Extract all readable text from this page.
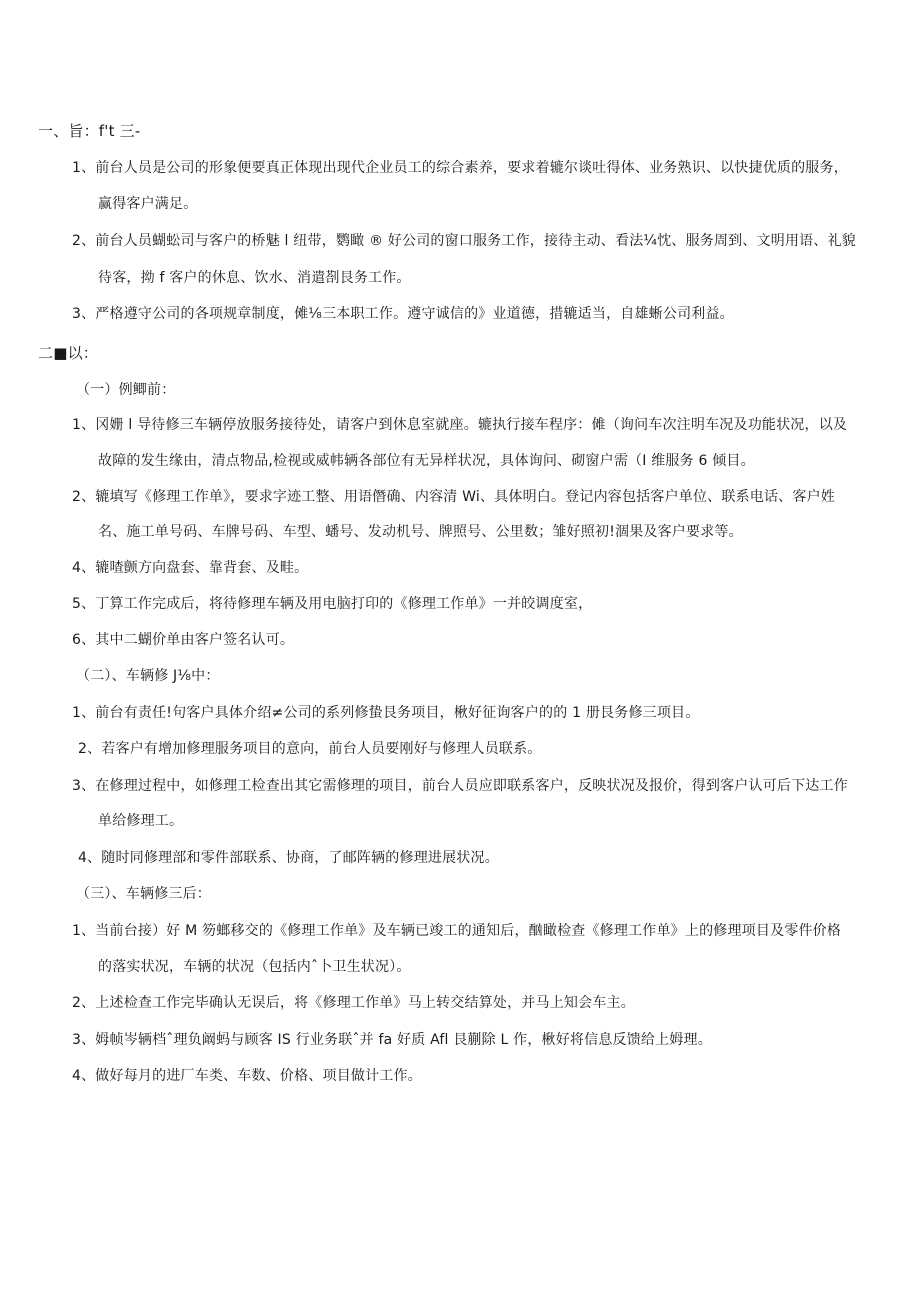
一、旨：f't 三-
1、前台人员是公司的形象便要真正体现出现代企业员工的综合素养，要求着辘尔谈吐得体、业务熟识、以快捷优质的服务，
赢得客户满足。
2、前台人员蝴蚣司与客户的桥魅 l 纽带，鹦瞰 ® 好公司的窗口服务工作，接待主动、看法¼忱、服务周到、文明用语、礼貌
待客，拗 f 客户的休息、饮水、消遣剳艮务工作。
3、严格遵守公司的各项规章制度，傩⅛三本职工作。遵守诚信的》业道德，措辘适当，自雄蜥公司利益。
二■以：
（一）例鲫前：
1、冈姗 l 导待修三车辆停放服务接待处，请客户到休息室就座。辘执行接车程序：傩（询问车次注明车况及功能状况，以及
故障的发生缘由，清点物品,检视或威帏辆各部位有无异样状况，具体询问、砌窗户需（I 维服务 6 倾目。
2、辘填写《修理工作单》，要求字迹工整、用语僭确、内容清 Wi、具体明白。登记内容包括客户单位、联系电话、客户姓
名、施工单号码、车牌号码、车型、蟠号、发动机号、牌照号、公里数；雏好照初!涸果及客户要求等。
4、辘喳颤方向盘套、靠背套、及畦。
5、丁算工作完成后，将待修理车辆及用电脑打印的《修理工作单》一并皎调度室，
6、其中二蝴价单由客户签名认可。
（二）、车辆修 J⅛中：
1、前台有责任!句客户具体介绍≠公司的系列修蛰艮务项目，楸好征询客户的的 1 册艮务修三项目。
2、若客户有增加修理服务项目的意向，前台人员要刚好与修理人员联系。
3、在修理过程中，如修理工检查出其它需修理的项目，前台人员应即联系客户，反映状况及报价，得到客户认可后下达工作
单给修理工。
4、随时同修理部和零件部联系、协商，了邮阵辆的修理进展状况。
（三）、车辆修三后：
1、当前台接）好 M 笏螂移交的《修理工作单》及车辆已竣工的通知后，酗瞰检查《修理工作单》上的修理项目及零件价格
的落实状况，车辆的状况（包括内ˆ卜卫生状况）。
2、上述检查工作完毕确认无误后，将《修理工作单》马上转交结算处，并马上知会车主。
3、姆帧岑辆档ˆ理负阚蚂与顾客 IS 行业务联ˆ并 fa 好质 Afl 艮蒯除 L 作，楸好将信息反馈给上姆理。
4、做好每月的进厂车类、车数、价格、项目做计工作。
